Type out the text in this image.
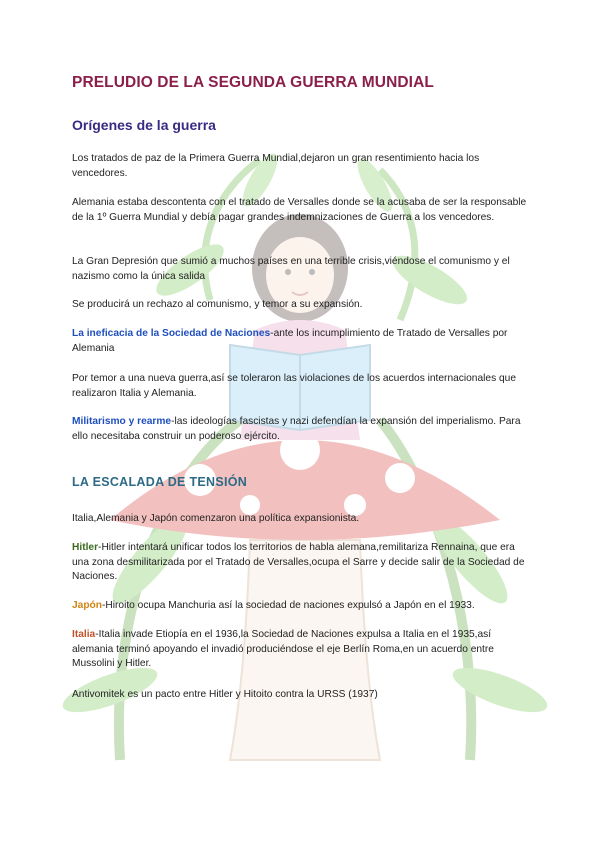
PRELUDIO DE LA SEGUNDA GUERRA MUNDIAL
Orígenes de la guerra

Los tratados de paz de la Primera Guerra Mundial,dejaron un gran resentimiento hacia los vencedores.

Alemania estaba descontenta con el tratado de Versalles donde se la acusaba de ser la responsable de la 1º Guerra Mundial y debía pagar grandes indemnizaciones de Guerra a los vencedores.

La Gran Depresión que sumió a muchos países en una terrible crisis,viéndose el comunismo y el nazismo como la única salida

Se producirá un rechazo al comunismo, y temor a su expansión.

La ineficacia de la Sociedad de Naciones-ante los incumplimiento de Tratado de Versalles por Alemania

Por temor a una nueva guerra,así se toleraron las violaciones de los acuerdos internacionales que realizaron Italia y Alemania.

Militarismo y rearme-las ideologías fascistas y nazi defendían la expansión del imperialismo. Para ello necesitaba construir un poderoso ejército.

LA ESCALADA DE TENSIÓN

Italia,Alemania y Japón comenzaron una política expansionista.

Hitler-Hitler intentará unificar todos los territorios de habla alemana,remilitariza Rennaina, que era una zona desmilitarizada por el Tratado de Versalles,ocupa el Sarre y decide salir de la Sociedad de Naciones.

Japón-Hiroito ocupa Manchuria así la sociedad de naciones expulsó a Japón en el 1933.

Italia-Italia invade Etiopía en el 1936,la Sociedad de Naciones expulsa a Italia en el 1935,así alemania terminó apoyando el invadió produciéndose el eje Berlín Roma,en un acuerdo entre Mussolini y Hitler.

Antivomitek es un pacto entre Hitler y Hitoito contra la URSS (1937)
